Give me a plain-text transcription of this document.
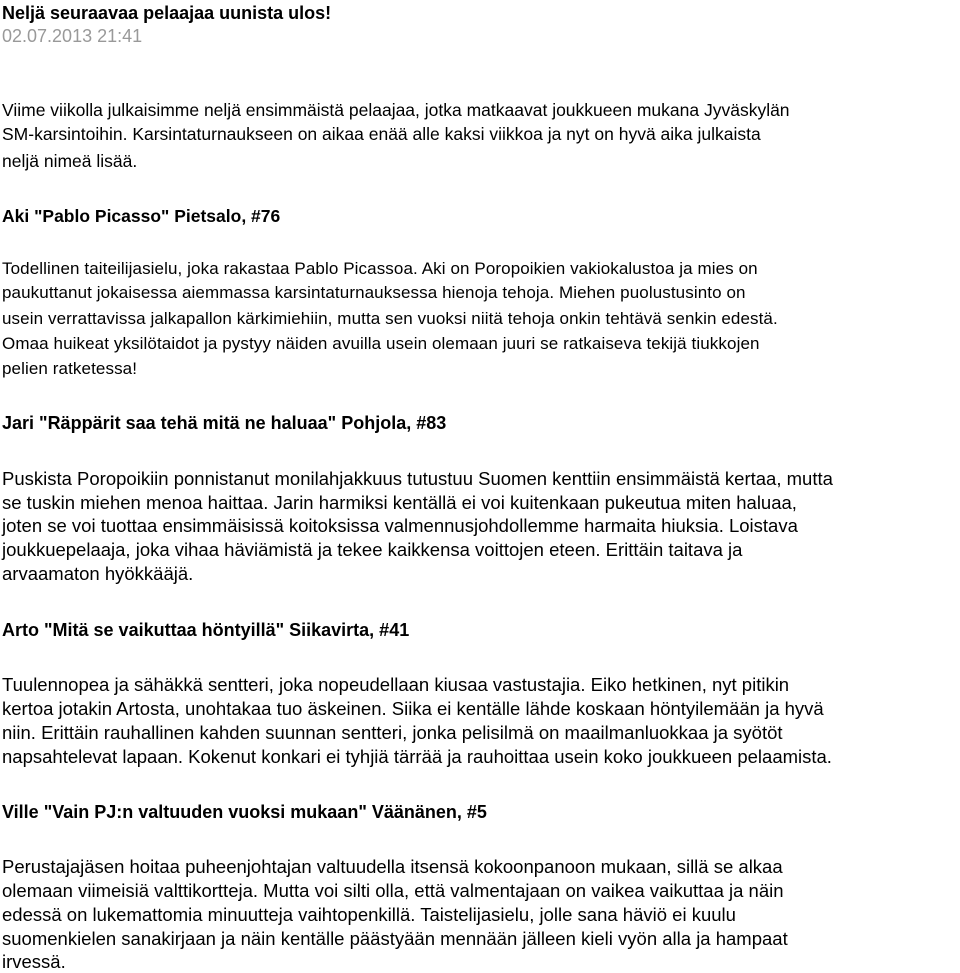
Neljä seuraavaa pelaajaa uunista ulos!
02.07.2013 21:41

Viime viikolla julkaisimme neljä ensimmäistä pelaajaa, jotka matkaavat joukkueen mukana Jyväskylän

SM-karsintoihin. Karsintaturnaukseen on aikaa enää alle kaksi viikkoa ja nyt on hyvä aika julkaista

neljä nimeä lisää.

Aki "Pablo Picasso" Pietsalo, #76

Todellinen taiteilijasielu, joka rakastaa Pablo Picassoa. Aki on Poropoikien vakiokalustoa ja mies on

paukuttanut jokaisessa aiemmassa karsintaturnauksessa hienoja tehoja. Miehen puolustusinto on

usein verrattavissa jalkapallon kärkimiehiin, mutta sen vuoksi niitä tehoja onkin tehtävä senkin edestä.

Omaa huikeat yksilötaidot ja pystyy näiden avuilla usein olemaan juuri se ratkaiseva tekijä tiukkojen

pelien ratketessa!

Jari "Räppärit saa tehä mitä ne haluaa" Pohjola, #83

Puskista Poropoikiin ponnistanut monilahjakkuus tutustuu Suomen kenttiin ensimmäistä kertaa, mutta

se tuskin miehen menoa haittaa. Jarin harmiksi kentällä ei voi kuitenkaan pukeutua miten haluaa,

joten se voi tuottaa ensimmäisissä koitoksissa valmennusjohdollemme harmaita hiuksia. Loistava

joukkuepelaaja, joka vihaa häviämistä ja tekee kaikkensa voittojen eteen. Erittäin taitava ja

arvaamaton hyökkääjä.

Arto "Mitä se vaikuttaa höntyillä" Siikavirta, #41

Tuulennopea ja sähäkkä sentteri, joka nopeudellaan kiusaa vastustajia. Eiko hetkinen, nyt pitikin

kertoa jotakin Artosta, unohtakaa tuo äskeinen. Siika ei kentälle lähde koskaan höntyilemään ja hyvä

niin. Erittäin rauhallinen kahden suunnan sentteri, jonka pelisilmä on maailmanluokkaa ja syötöt

napsahtelevat lapaan. Kokenut konkari ei tyhjiä tärrää ja rauhoittaa usein koko joukkueen pelaamista.

Ville "Vain PJ:n valtuuden vuoksi mukaan" Väänänen, #5

Perustajajäsen hoitaa puheenjohtajan valtuudella itsensä kokoonpanoon mukaan, sillä se alkaa

olemaan viimeisiä valttikortteja. Mutta voi silti olla, että valmentajaan on vaikea vaikuttaa ja näin

edessä on lukemattomia minuutteja vaihtopenkillä. Taistelijasielu, jolle sana häviö ei kuulu

suomenkielen sanakirjaan ja näin kentälle päästyään mennään jälleen kieli vyön alla ja hampaat

irvessä.
